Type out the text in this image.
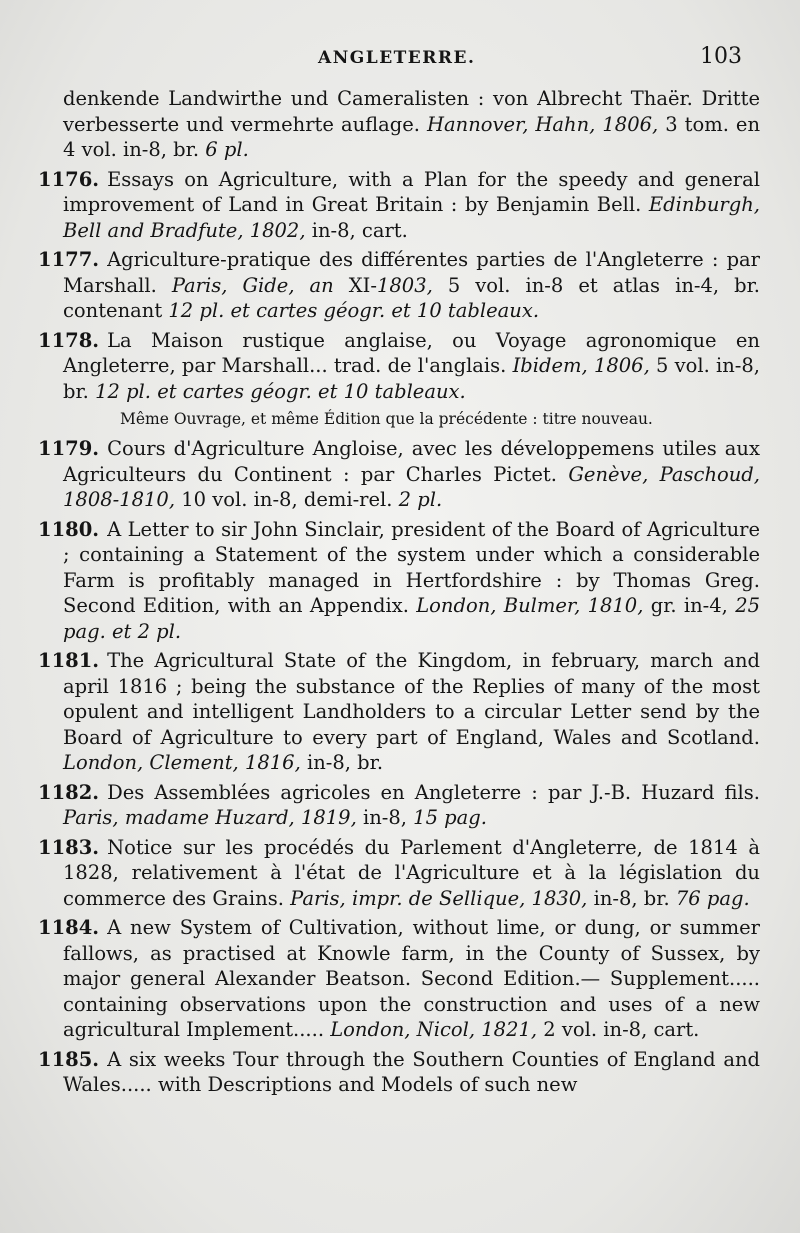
ANGLETERRE.	103

denkende Landwirthe und Cameralisten : von Albrecht Thaër. Dritte verbesserte und vermehrte auflage. Hannover, Hahn, 1806, 3 tom. en 4 vol. in-8, br. 6 pl.

1176. Essays on Agriculture, with a Plan for the speedy and general improvement of Land in Great Britain : by Benjamin Bell. Edinburgh, Bell and Bradfute, 1802, in-8, cart.

1177. Agriculture-pratique des différentes parties de l'Angleterre : par Marshall. Paris, Gide, an XI-1803, 5 vol. in-8 et atlas in-4, br. contenant 12 pl. et cartes géogr. et 10 tableaux.

1178. La Maison rustique anglaise, ou Voyage agronomique en Angleterre, par Marshall... trad. de l'anglais. Ibidem, 1806, 5 vol. in-8, br. 12 pl. et cartes géogr. et 10 tableaux.

Même Ouvrage, et même Édition que la précédente : titre nouveau.

1179. Cours d'Agriculture Angloise, avec les développemens utiles aux Agriculteurs du Continent : par Charles Pictet. Genève, Paschoud, 1808-1810, 10 vol. in-8, demi-rel. 2 pl.

1180. A Letter to sir John Sinclair, president of the Board of Agriculture ; containing a Statement of the system under which a considerable Farm is profitably managed in Hertfordshire : by Thomas Greg. Second Edition, with an Appendix. London, Bulmer, 1810, gr. in-4, 25 pag. et 2 pl.

1181. The Agricultural State of the Kingdom, in february, march and april 1816 ; being the substance of the Replies of many of the most opulent and intelligent Landholders to a circular Letter send by the Board of Agriculture to every part of England, Wales and Scotland. London, Clement, 1816, in-8, br.

1182. Des Assemblées agricoles en Angleterre : par J.-B. Huzard fils. Paris, madame Huzard, 1819, in-8, 15 pag.

1183. Notice sur les procédés du Parlement d'Angleterre, de 1814 à 1828, relativement à l'état de l'Agriculture et à la législation du commerce des Grains. Paris, impr. de Sellique, 1830, in-8, br. 76 pag.

1184. A new System of Cultivation, without lime, or dung, or summer fallows, as practised at Knowle farm, in the County of Sussex, by major general Alexander Beatson. Second Edition.— Supplement..... containing observations upon the construction and uses of a new agricultural Implement..... London, Nicol, 1821, 2 vol. in-8, cart.

1185. A six weeks Tour through the Southern Counties of England and Wales..... with Descriptions and Models of such new
